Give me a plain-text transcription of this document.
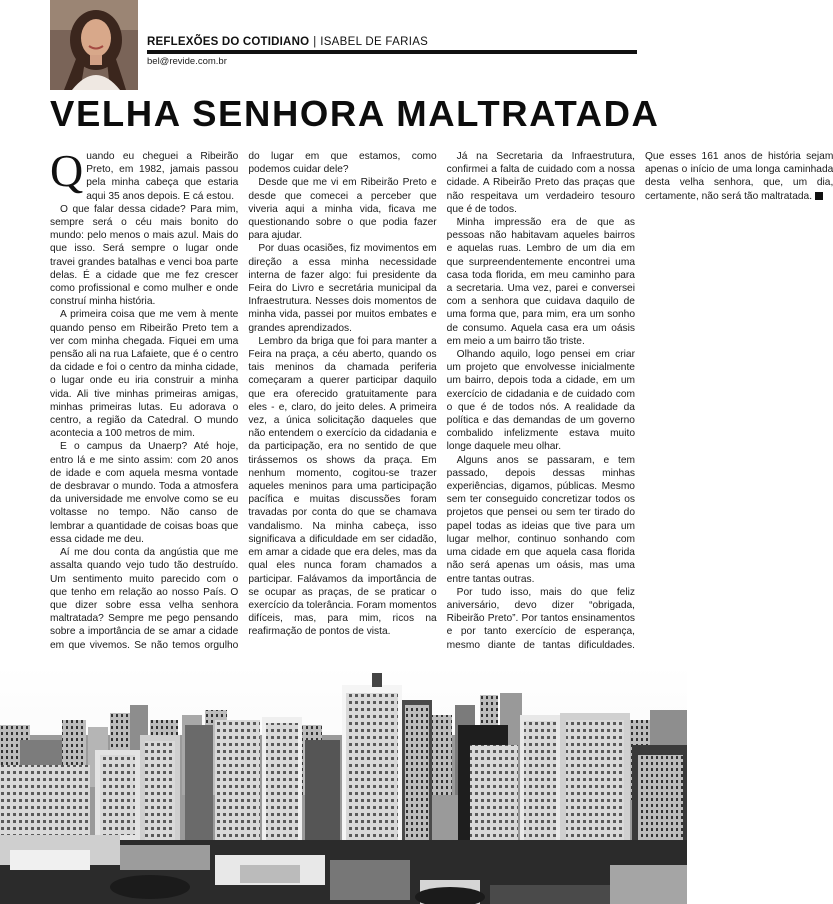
REFLEXÕES DO COTIDIANO | ISABEL DE FARIAS
bel@revide.com.br
VELHA SENHORA MALTRATADA

Quando eu cheguei a Ribeirão Preto, em 1982, jamais passou pela minha cabeça que estaria aqui 35 anos depois. E cá estou.

O que falar dessa cidade? Para mim, sempre será o céu mais bonito do mundo: pelo menos o mais azul. Mais do que isso. Será sempre o lugar onde travei grandes batalhas e venci boa parte delas. É a cidade que me fez crescer como profissional e como mulher e onde construí minha história.

A primeira coisa que me vem à mente quando penso em Ribeirão Preto tem a ver com minha chegada. Fiquei em uma pensão ali na rua Lafaiete, que é o centro da cidade e foi o centro da minha cidade, o lugar onde eu iria construir a minha vida. Ali tive minhas primeiras amigas, minhas primeiras lutas. Eu adorava o centro, a região da Catedral. O mundo acontecia a 100 metros de mim.

E o campus da Unaerp? Até hoje, entro lá e me sinto assim: com 20 anos de idade e com aquela mesma vontade de desbravar o mundo. Toda a atmosfera da universidade me envolve como se eu voltasse no tempo. Não canso de lembrar a quantidade de coisas boas que essa cidade me deu.

Aí me dou conta da angústia que me assalta quando vejo tudo tão destruído. Um sentimento muito parecido com o que tenho em relação ao nosso País. O que dizer sobre essa velha senhora maltratada? Sempre me pego pensando sobre a importância de se amar a cidade em que vivemos. Se não temos orgulho do lugar em que estamos, como podemos cuidar dele?

Desde que me vi em Ribeirão Preto e desde que comecei a perceber que viveria aqui a minha vida, ficava me questionando sobre o que podia fazer para ajudar.

Por duas ocasiões, fiz movimentos em direção a essa minha necessidade interna de fazer algo: fui presidente da Feira do Livro e secretária municipal da Infraestrutura. Nesses dois momentos de minha vida, passei por muitos embates e grandes aprendizados.

Lembro da briga que foi para manter a Feira na praça, a céu aberto, quando os tais meninos da chamada periferia começaram a querer participar daquilo que era oferecido gratuitamente para eles - e, claro, do jeito deles. A primeira vez, a única solicitação daqueles que não entendem o exercício da cidadania e da participação, era no sentido de que tirássemos os shows da praça. Em nenhum momento, cogitou-se trazer aqueles meninos para uma participação pacífica e muitas discussões foram travadas por conta do que se chamava vandalismo. Na minha cabeça, isso significava a dificuldade em ser cidadão, em amar a cidade que era deles, mas da qual eles nunca foram chamados a participar. Falávamos da importância de se ocupar as praças, de se praticar o exercício da tolerância. Foram momentos difíceis, mas, para mim, ricos na reafirmação de pontos de vista.

Já na Secretaria da Infraestrutura, confirmei a falta de cuidado com a nossa cidade. A Ribeirão Preto das praças que não respeitava um verdadeiro tesouro que é de todos.

Minha impressão era de que as pessoas não habitavam aqueles bairros e aquelas ruas. Lembro de um dia em que surpreendentemente encontrei uma casa toda florida, em meu caminho para a secretaria. Uma vez, parei e conversei com a senhora que cuidava daquilo de uma forma que, para mim, era um sonho de consumo. Aquela casa era um oásis em meio a um bairro tão triste.

Olhando aquilo, logo pensei em criar um projeto que envolvesse inicialmente um bairro, depois toda a cidade, em um exercício de cidadania e de cuidado com o que é de todos nós. A realidade da política e das demandas de um governo combalido infelizmente estava muito longe daquele meu olhar.

Alguns anos se passaram, e tem passado, depois dessas minhas experiências, digamos, públicas. Mesmo sem ter conseguido concretizar todos os projetos que pensei ou sem ter tirado do papel todas as ideias que tive para um lugar melhor, continuo sonhando com uma cidade em que aquela casa florida não será apenas um oásis, mas uma entre tantas outras.

Por tudo isso, mais do que feliz aniversário, devo dizer “obrigada, Ribeirão Preto”. Por tantos ensinamentos e por tanto exercício de esperança, mesmo diante de tantas dificuldades. Que esses 161 anos de história sejam apenas o início de uma longa caminhada desta velha senhora, que, um dia, certamente, não será tão maltratada.
